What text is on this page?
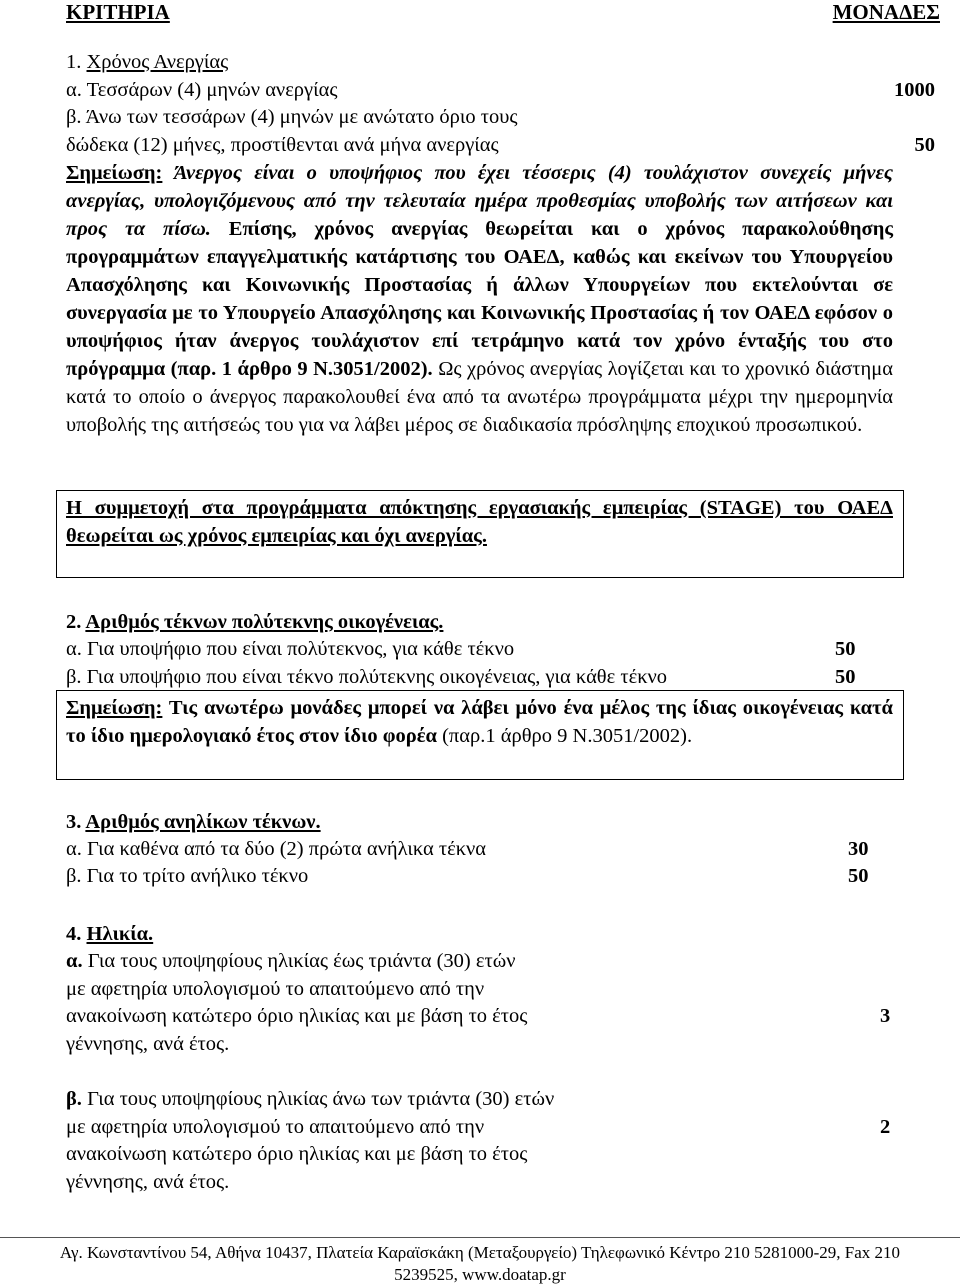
ΚΡΙΤΗΡΙΑ	ΜΟΝΑΔΕΣ
1. Χρόνος Ανεργίας
α. Τεσσάρων (4) μηνών ανεργίας	1000
β. Άνω των τεσσάρων (4) μηνών με ανώτατο όριο τους
δώδεκα (12) μήνες, προστίθενται ανά μήνα ανεργίας	50
Σημείωση: Άνεργος είναι ο υποψήφιος που έχει τέσσερις (4) τουλάχιστον συνεχείς μήνες ανεργίας, υπολογιζόμενους από την τελευταία ημέρα προθεσμίας υποβολής των αιτήσεων και προς τα πίσω. Επίσης, χρόνος ανεργίας θεωρείται και ο χρόνος παρακολούθησης προγραμμάτων επαγγελματικής κατάρτισης του ΟΑΕΔ, καθώς και εκείνων του Υπουργείου Απασχόλησης και Κοινωνικής Προστασίας ή άλλων Υπουργείων που εκτελούνται σε συνεργασία με το Υπουργείο Απασχόλησης και Κοινωνικής Προστασίας ή τον ΟΑΕΔ εφόσον ο υποψήφιος ήταν άνεργος τουλάχιστον επί τετράμηνο κατά τον χρόνο ένταξής του στο πρόγραμμα (παρ. 1 άρθρο 9 Ν.3051/2002). Ως χρόνος ανεργίας λογίζεται και το χρονικό διάστημα κατά το οποίο ο άνεργος παρακολουθεί ένα από τα ανωτέρω προγράμματα μέχρι την ημερομηνία υποβολής της αιτήσεώς του για να λάβει μέρος σε διαδικασία πρόσληψης εποχικού προσωπικού.
Η συμμετοχή στα προγράμματα απόκτησης εργασιακής εμπειρίας (STAGE) του ΟΑΕΔ θεωρείται ως χρόνος εμπειρίας και όχι ανεργίας.
2. Αριθμός τέκνων πολύτεκνης οικογένειας.
α. Για υποψήφιο που είναι πολύτεκνος, για κάθε τέκνο	50
β. Για υποψήφιο που είναι τέκνο πολύτεκνης οικογένειας, για κάθε τέκνο	50
Σημείωση: Τις ανωτέρω μονάδες μπορεί να λάβει μόνο ένα μέλος της ίδιας οικογένειας κατά το ίδιο ημερολογιακό έτος στον ίδιο φορέα (παρ.1 άρθρο 9 Ν.3051/2002).
3. Αριθμός ανηλίκων τέκνων.
α. Για καθένα από τα δύο (2) πρώτα ανήλικα τέκνα	30
β. Για το τρίτο ανήλικο τέκνο	50
4. Ηλικία.
α. Για τους υποψηφίους ηλικίας έως τριάντα (30) ετών
με αφετηρία υπολογισμού το απαιτούμενο από την
ανακοίνωση κατώτερο όριο ηλικίας και με βάση το έτος	3
γέννησης, ανά έτος.
β. Για τους υποψηφίους ηλικίας άνω των τριάντα (30) ετών
με αφετηρία υπολογισμού το απαιτούμενο από την	2
ανακοίνωση κατώτερο όριο ηλικίας και με βάση το έτος
γέννησης, ανά έτος.
Αγ. Κωνσταντίνου 54, Αθήνα 10437, Πλατεία Καραϊσκάκη (Μεταξουργείο) Τηλεφωνικό Κέντρο 210 5281000-29, Fax 210
5239525, www.doatap.gr
